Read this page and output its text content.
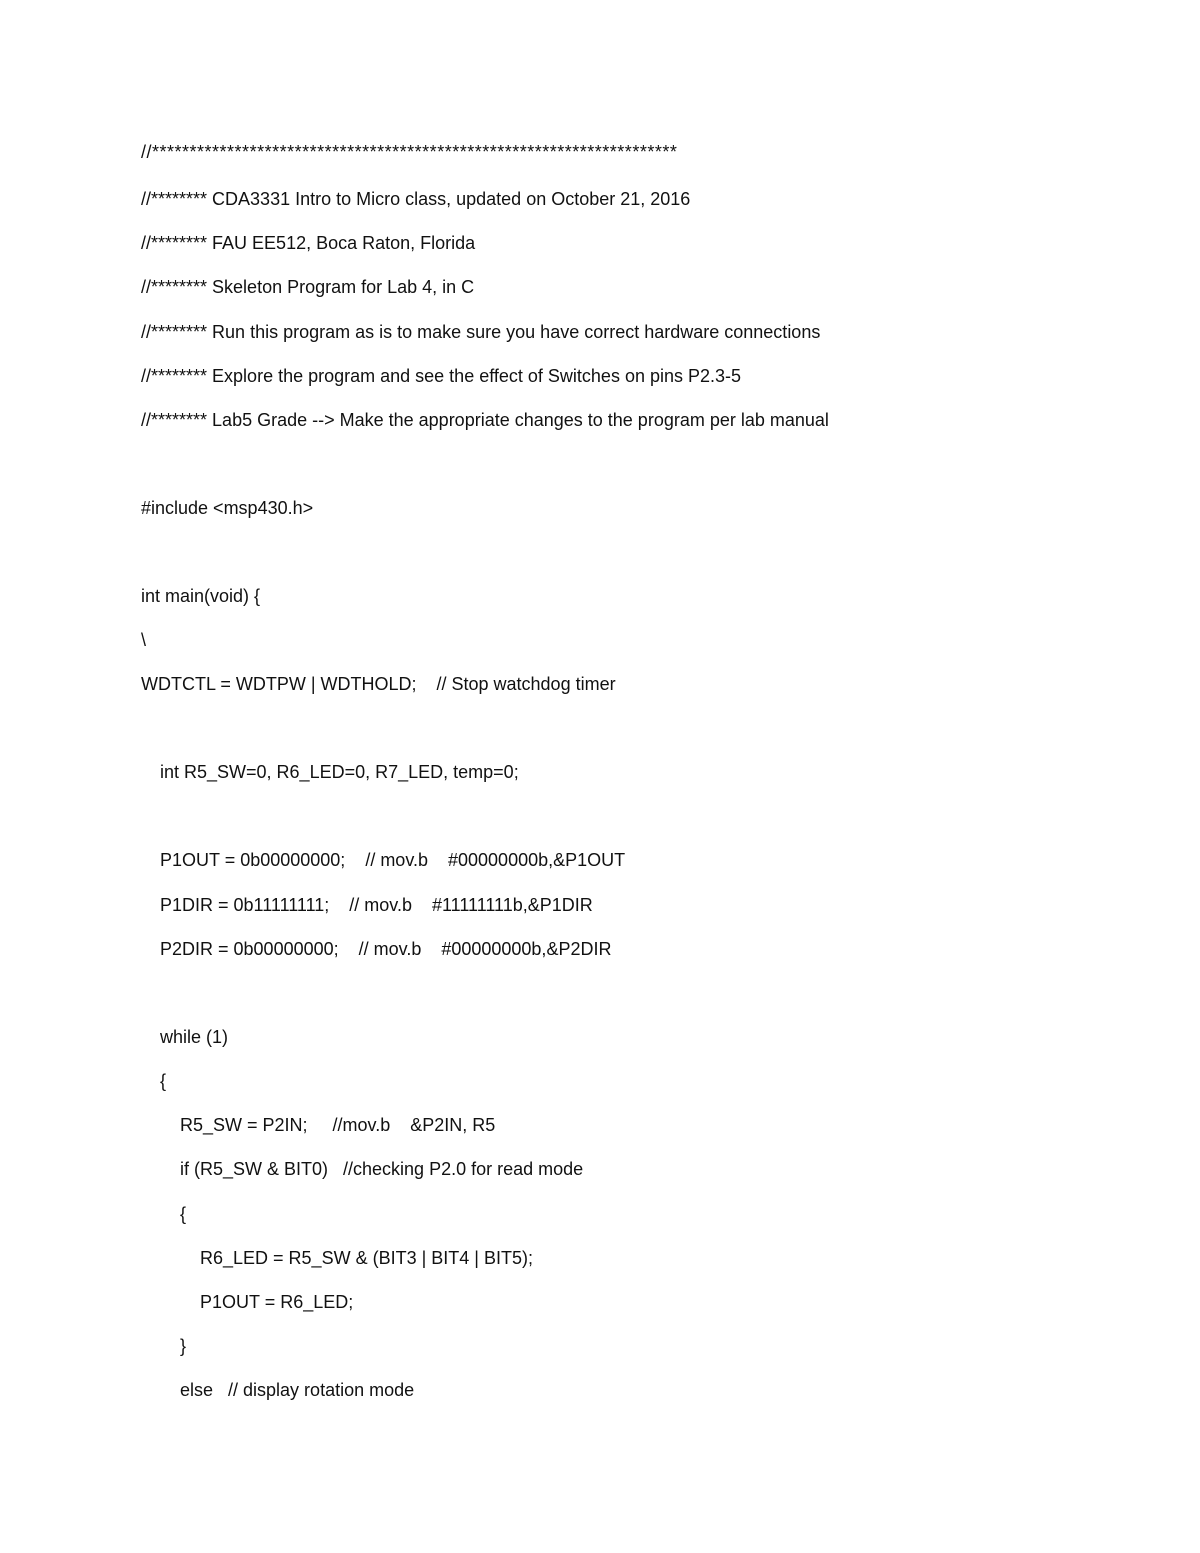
//**********************************************************************
//******** CDA3331 Intro to Micro class, updated on October 21, 2016
//******** FAU EE512, Boca Raton, Florida
//******** Skeleton Program for Lab 4, in C
//******** Run this program as is to make sure you have correct hardware connections
//******** Explore the program and see the effect of Switches on pins P2.3-5
//******** Lab5 Grade --> Make the appropriate changes to the program per lab manual
#include <msp430.h>
int main(void) {
\
WDTCTL = WDTPW | WDTHOLD;    // Stop watchdog timer
int R5_SW=0, R6_LED=0, R7_LED, temp=0;
P1OUT = 0b00000000;    // mov.b    #00000000b,&P1OUT
P1DIR = 0b11111111;    // mov.b    #11111111b,&P1DIR
P2DIR = 0b00000000;    // mov.b    #00000000b,&P2DIR
while (1)
{
R5_SW = P2IN;     //mov.b    &P2IN, R5
if (R5_SW & BIT0)   //checking P2.0 for read mode
{
R6_LED = R5_SW & (BIT3 | BIT4 | BIT5);
P1OUT = R6_LED;
}
else   // display rotation mode
